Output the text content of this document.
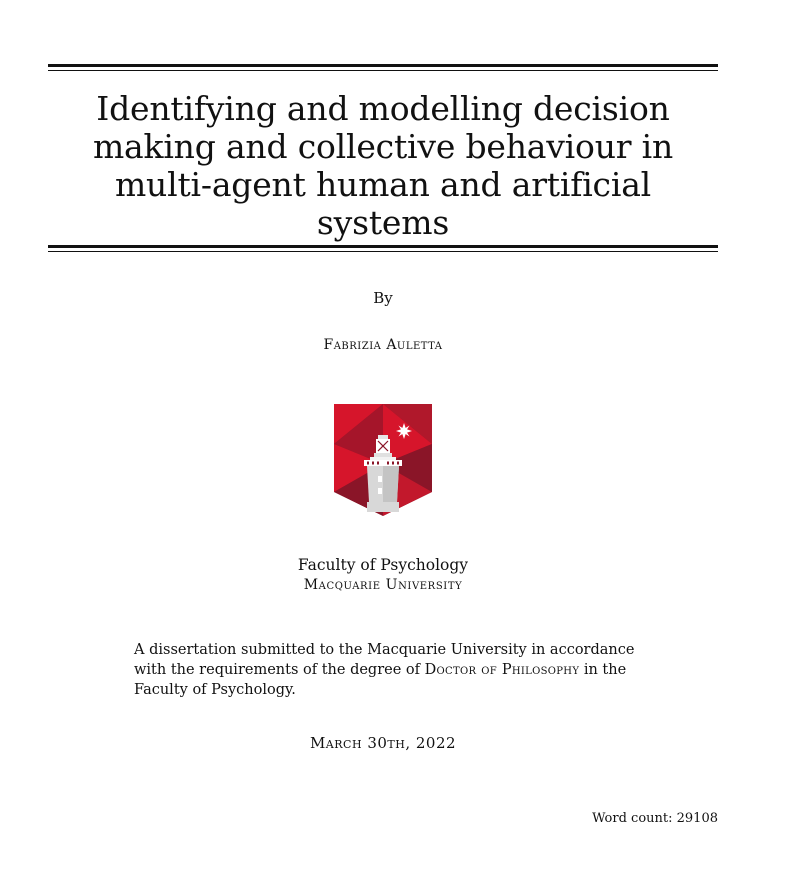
Identifying and modelling decision making and collective behaviour in multi-agent human and artificial systems
By
Fabrizia Auletta
Faculty of Psychology
Macquarie University

A dissertation submitted to the Macquarie University in accordance with the requirements of the degree of Doctor of Philosophy in the Faculty of Psychology.

March 30th, 2022
Word count: 29108
